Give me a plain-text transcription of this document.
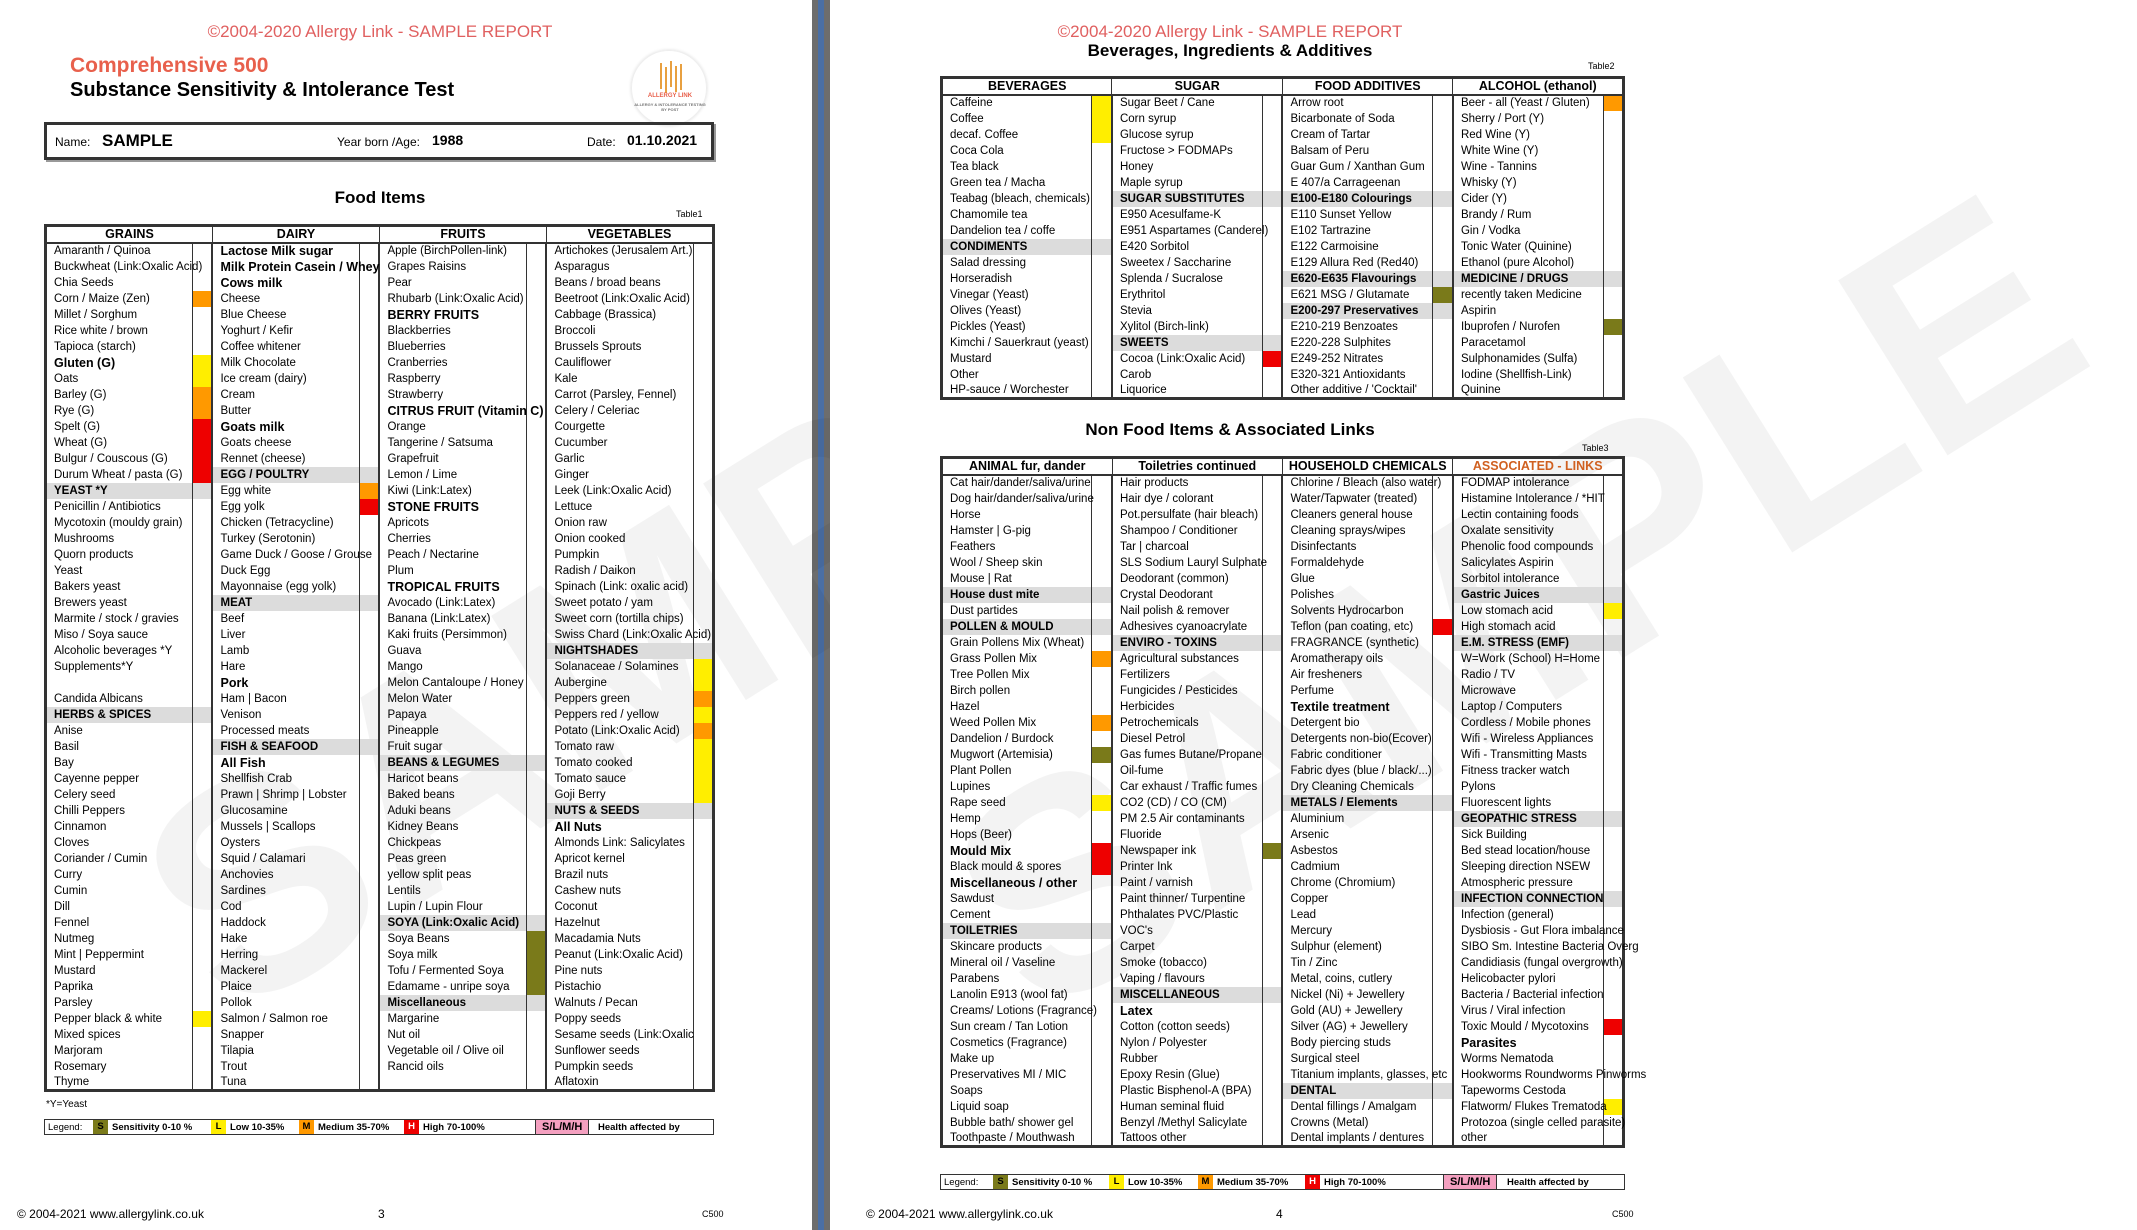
©2004-2020 Allergy Link - SAMPLE REPORT
Comprehensive 500
Substance Sensitivity & Intolerance Test	ALLERGY LINK
ALLERGY & INTOLERANCE TESTING BY POST
Name: SAMPLE	Year born /Age: 1988	Date: 01.10.2021
Food Items
Table1
GRAINS		DAIRY		FRUITS		VEGETABLES	
Amaranth / Quinoa		Lactose Milk sugar		Apple (BirchPollen-link)		Artichokes (Jerusalem Art.)	
Buckwheat (Link:Oxalic Acid)		Milk Protein Casein / Whey		Grapes Raisins		Asparagus	
Chia Seeds		Cows milk		Pear		Beans / broad beans	
Corn / Maize (Zen)		Cheese		Rhubarb (Link:Oxalic Acid)		Beetroot (Link:Oxalic Acid)	
Millet / Sorghum		Blue Cheese		BERRY FRUITS		Cabbage (Brassica)	
Rice white / brown		Yoghurt / Kefir		Blackberries		Broccoli	
Tapioca (starch)		Coffee whitener		Blueberries		Brussels Sprouts	
Gluten (G)		Milk Chocolate		Cranberries		Cauliflower	
Oats		Ice cream (dairy)		Raspberry		Kale	
Barley (G)		Cream		Strawberry		Carrot (Parsley, Fennel)	
Rye (G)		Butter		CITRUS FRUIT (Vitamin C)		Celery / Celeriac	
Spelt (G)		Goats milk		Orange		Courgette	
Wheat (G)		Goats cheese		Tangerine / Satsuma		Cucumber	
Bulgur / Couscous (G)		Rennet (cheese)		Grapefruit		Garlic	
Durum Wheat / pasta (G)		EGG / POULTRY		Lemon / Lime		Ginger	
YEAST *Y		Egg white		Kiwi (Link:Latex)		Leek (Link:Oxalic Acid)	
Penicillin / Antibiotics		Egg yolk		STONE FRUITS		Lettuce	
Mycotoxin (mouldy grain)		Chicken (Tetracycline)		Apricots		Onion raw	
Mushrooms		Turkey (Serotonin)		Cherries		Onion cooked	
Quorn products		Game Duck / Goose / Grouse		Peach / Nectarine		Pumpkin	
Yeast		Duck Egg		Plum		Radish / Daikon	
Bakers yeast		Mayonnaise (egg yolk)		TROPICAL FRUITS		Spinach (Link: oxalic acid)	
Brewers yeast		MEAT		Avocado (Link:Latex)		Sweet potato / yam	
Marmite / stock / gravies		Beef		Banana (Link:Latex)		Sweet corn (tortilla chips)	
Miso / Soya sauce		Liver		Kaki fruits (Persimmon)		Swiss Chard (Link:Oxalic Acid)	
Alcoholic beverages *Y		Lamb		Guava		NIGHTSHADES	
Supplements*Y		Hare		Mango		Solanaceae / Solamines	
		Pork		Melon Cantaloupe / Honey		Aubergine	
Candida Albicans		Ham | Bacon		Melon Water		Peppers green	
HERBS & SPICES		Venison		Papaya		Peppers red / yellow	
Anise		Processed meats		Pineapple		Potato (Link:Oxalic Acid)	
Basil		FISH & SEAFOOD		Fruit sugar		Tomato raw	
Bay		All Fish		BEANS & LEGUMES		Tomato cooked	
Cayenne pepper		Shellfish Crab		Haricot beans		Tomato sauce	
Celery seed		Prawn | Shrimp | Lobster		Baked beans		Goji Berry	
Chilli Peppers		Glucosamine		Aduki beans		NUTS & SEEDS	
Cinnamon		Mussels | Scallops		Kidney Beans		All Nuts	
Cloves		Oysters		Chickpeas		Almonds Link: Salicylates	
Coriander / Cumin		Squid / Calamari		Peas green		Apricot kernel	
Curry		Anchovies		yellow split peas		Brazil nuts	
Cumin		Sardines		Lentils		Cashew nuts	
Dill		Cod		Lupin / Lupin Flour		Coconut	
Fennel		Haddock		SOYA (Link:Oxalic Acid)		Hazelnut	
Nutmeg		Hake		Soya Beans		Macadamia Nuts	
Mint | Peppermint		Herring		Soya milk		Peanut (Link:Oxalic Acid)	
Mustard		Mackerel		Tofu / Fermented Soya		Pine nuts	
Paprika		Plaice		Edamame - unripe soya		Pistachio	
Parsley		Pollok		Miscellaneous		Walnuts / Pecan	
Pepper black & white		Salmon / Salmon roe		Margarine		Poppy seeds	
Mixed spices		Snapper		Nut oil		Sesame seeds (Link:Oxalic	
Marjoram		Tilapia		Vegetable oil / Olive oil		Sunflower seeds	
Rosemary		Trout		Rancid oils		Pumpkin seeds	
Thyme		Tuna				Aflatoxin	
*Y=Yeast
Legend:	S Sensitivity 0-10 %	L Low 10-35%	M Medium 35-70%	H High 70-100%	S/L/M/H	Health affected by
© 2004-2021 www.allergylink.co.uk	3	C500
©2004-2020 Allergy Link - SAMPLE REPORT
Beverages, Ingredients & Additives
Table2
BEVERAGES		SUGAR		FOOD ADDITIVES		ALCOHOL (ethanol)	
Caffeine		Sugar Beet / Cane		Arrow root		Beer - all (Yeast / Gluten)	
Coffee		Corn syrup		Bicarbonate of Soda		Sherry / Port (Y)	
decaf. Coffee		Glucose syrup		Cream of Tartar		Red Wine (Y)	
Coca Cola		Fructose > FODMAPs		Balsam of Peru		White Wine (Y)	
Tea black		Honey		Guar Gum / Xanthan Gum		Wine - Tannins	
Green tea / Macha		Maple syrup		E 407/a Carrageenan		Whisky (Y)	
Teabag (bleach, chemicals)		SUGAR SUBSTITUTES		E100-E180 Colourings		Cider (Y)	
Chamomile tea		E950 Acesulfame-K		E110 Sunset Yellow		Brandy / Rum	
Dandelion tea / coffe		E951 Aspartames (Canderel)		E102 Tartrazine		Gin / Vodka	
CONDIMENTS		E420 Sorbitol		E122 Carmoisine		Tonic Water (Quinine)	
Salad dressing		Sweetex / Saccharine		E129 Allura Red (Red40)		Ethanol (pure Alcohol)	
Horseradish		Splenda / Sucralose		E620-E635 Flavourings		MEDICINE / DRUGS	
Vinegar (Yeast)		Erythritol		E621 MSG / Glutamate		recently taken Medicine	
Olives (Yeast)		Stevia		E200-297 Preservatives		Aspirin	
Pickles (Yeast)		Xylitol (Birch-link)		E210-219 Benzoates		Ibuprofen / Nurofen	
Kimchi / Sauerkraut (yeast)		SWEETS		E220-228 Sulphites		Paracetamol	
Mustard		Cocoa (Link:Oxalic Acid)		E249-252 Nitrates		Sulphonamides (Sulfa)	
Other		Carob		E320-321 Antioxidants		Iodine (Shellfish-Link)	
HP-sauce / Worchester		Liquorice		Other additive / 'Cocktail'		Quinine	
Non Food Items & Associated Links
Table3
ANIMAL fur, dander		Toiletries continued		HOUSEHOLD CHEMICALS		ASSOCIATED - LINKS	
Cat hair/dander/saliva/urine		Hair products		Chlorine / Bleach (also water)		FODMAP intolerance	
Dog hair/dander/saliva/urine		Hair dye / colorant		Water/Tapwater (treated)		Histamine Intolerance / *HIT	
Horse		Pot.persulfate (hair bleach)		Cleaners general house		Lectin containing foods	
Hamster | G-pig		Shampoo / Conditioner		Cleaning sprays/wipes		Oxalate sensitivity	
Feathers		Tar | charcoal		Disinfectants		Phenolic food compounds	
Wool / Sheep skin		SLS Sodium Lauryl Sulphate		Formaldehyde		Salicylates Aspirin	
Mouse | Rat		Deodorant (common)		Glue		Sorbitol intolerance	
House dust mite		Crystal Deodorant		Polishes		Gastric Juices	
Dust partides		Nail polish & remover		Solvents Hydrocarbon		Low stomach acid	
POLLEN & MOULD		Adhesives cyanoacrylate		Teflon (pan coating, etc)		High stomach acid	
Grain Pollens Mix (Wheat)		ENVIRO - TOXINS		FRAGRANCE (synthetic)		E.M. STRESS (EMF)	
Grass Pollen Mix		Agricultural substances		Aromatherapy oils		W=Work (School) H=Home	
Tree Pollen Mix		Fertilizers		Air fresheners		Radio / TV	
Birch pollen		Fungicides / Pesticides		Perfume		Microwave	
Hazel		Herbicides		Textile treatment		Laptop / Computers	
Weed Pollen Mix		Petrochemicals		Detergent bio		Cordless / Mobile phones	
Dandelion / Burdock		Diesel Petrol		Detergents non-bio(Ecover)		Wifi - Wireless Appliances	
Mugwort (Artemisia)		Gas fumes Butane/Propane		Fabric conditioner		Wifi - Transmitting Masts	
Plant Pollen		Oil-fume		Fabric dyes (blue / black/...)		Fitness tracker watch	
Lupines		Car exhaust / Traffic fumes		Dry Cleaning Chemicals		Pylons	
Rape seed		CO2 (CD) / CO (CM)		METALS / Elements		Fluorescent lights	
Hemp		PM 2.5 Air contaminants		Aluminium		GEOPATHIC STRESS	
Hops (Beer)		Fluoride		Arsenic		Sick Building	
Mould Mix		Newspaper ink		Asbestos		Bed stead location/house	
Black mould & spores		Printer Ink		Cadmium		Sleeping direction NSEW	
Miscellaneous / other		Paint / varnish		Chrome (Chromium)		Atmospheric pressure	
Sawdust		Paint thinner/ Turpentine		Copper		INFECTION CONNECTION	
Cement		Phthalates PVC/Plastic		Lead		Infection (general)	
TOILETRIES		VOC's		Mercury		Dysbiosis - Gut Flora imbalance	
Skincare products		Carpet		Sulphur (element)		SIBO Sm. Intestine Bacteria Overg	
Mineral oil / Vaseline		Smoke (tobacco)		Tin / Zinc		Candidiasis (fungal overgrowth)	
Parabens		Vaping / flavours		Metal, coins, cutlery		Helicobacter pylori	
Lanolin E913 (wool fat)		MISCELLANEOUS		Nickel (Ni) + Jewellery		Bacteria / Bacterial infection	
Creams/ Lotions (Fragrance)		Latex		Gold (AU) + Jewellery		Virus / Viral infection	
Sun cream / Tan Lotion		Cotton (cotton seeds)		Silver (AG) + Jewellery		Toxic Mould / Mycotoxins	
Cosmetics (Fragrance)		Nylon / Polyester		Body piercing studs		Parasites	
Make up		Rubber		Surgical steel		Worms Nematoda	
Preservatives MI / MIC		Epoxy Resin (Glue)		Titanium implants, glasses, etc		Hookworms Roundworms Pinworms	
Soaps		Plastic Bisphenol-A (BPA)		DENTAL		Tapeworms Cestoda	
Liquid soap		Human seminal fluid		Dental fillings / Amalgam		Flatworm/ Flukes Trematoda	
Bubble bath/ shower gel		Benzyl /Methyl Salicylate		Crowns (Metal)		Protozoa (single celled parasite)	
Toothpaste / Mouthwash		Tattoos other		Dental implants / dentures		other	
Legend:	S Sensitivity 0-10 %	L Low 10-35%	M Medium 35-70%	H High 70-100%	S/L/M/H	Health affected by
© 2004-2021 www.allergylink.co.uk	4	C500
